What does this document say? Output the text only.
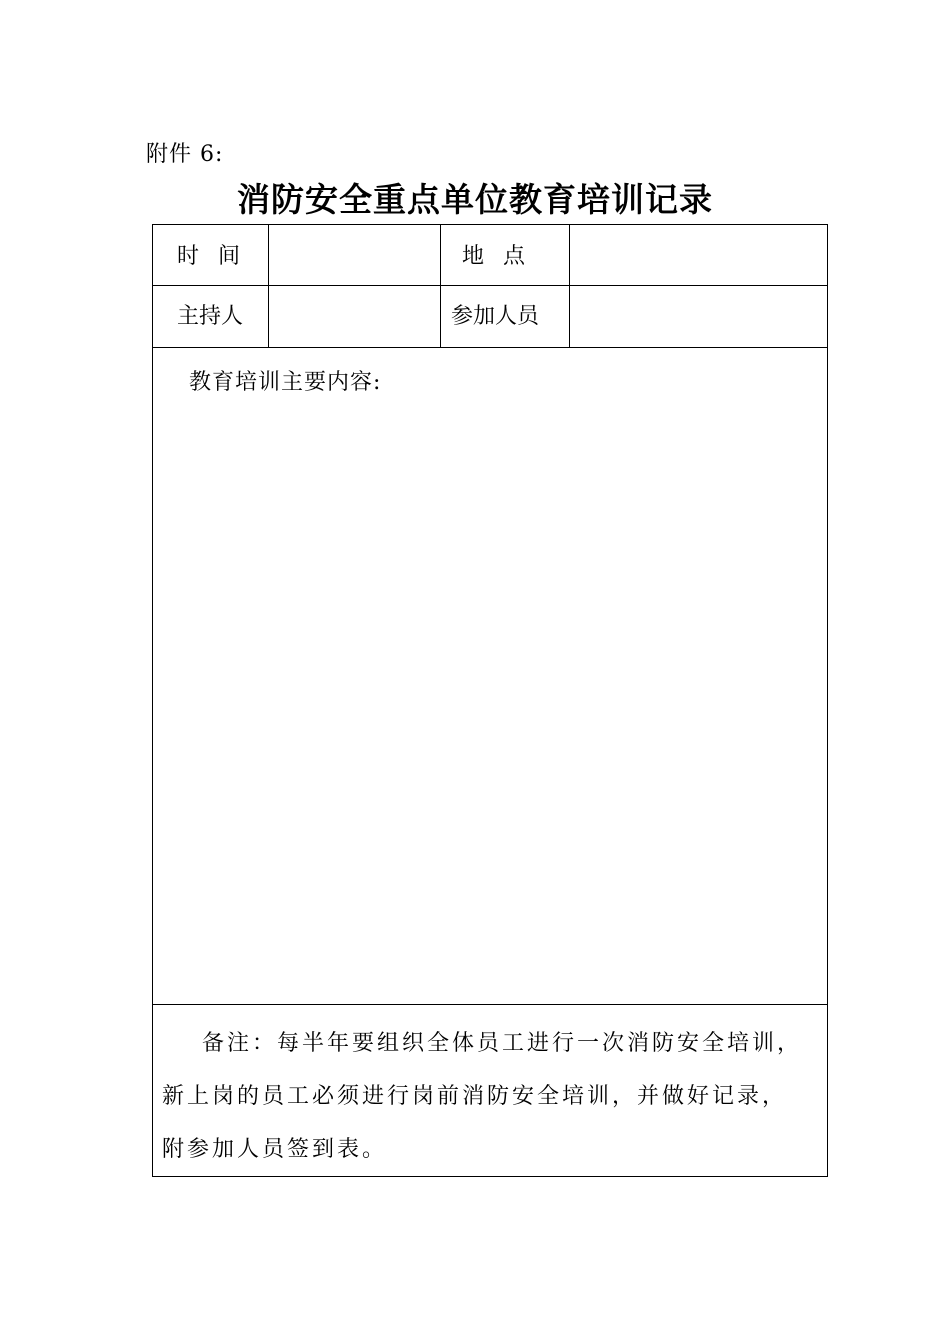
附件 6:
消防安全重点单位教育培训记录
时 间	地 点
主持人	参加人员
教育培训主要内容:
备注：每半年要组织全体员工进行一次消防安全培训，
新上岗的员工必须进行岗前消防安全培训，并做好记录，
附参加人员签到表。
